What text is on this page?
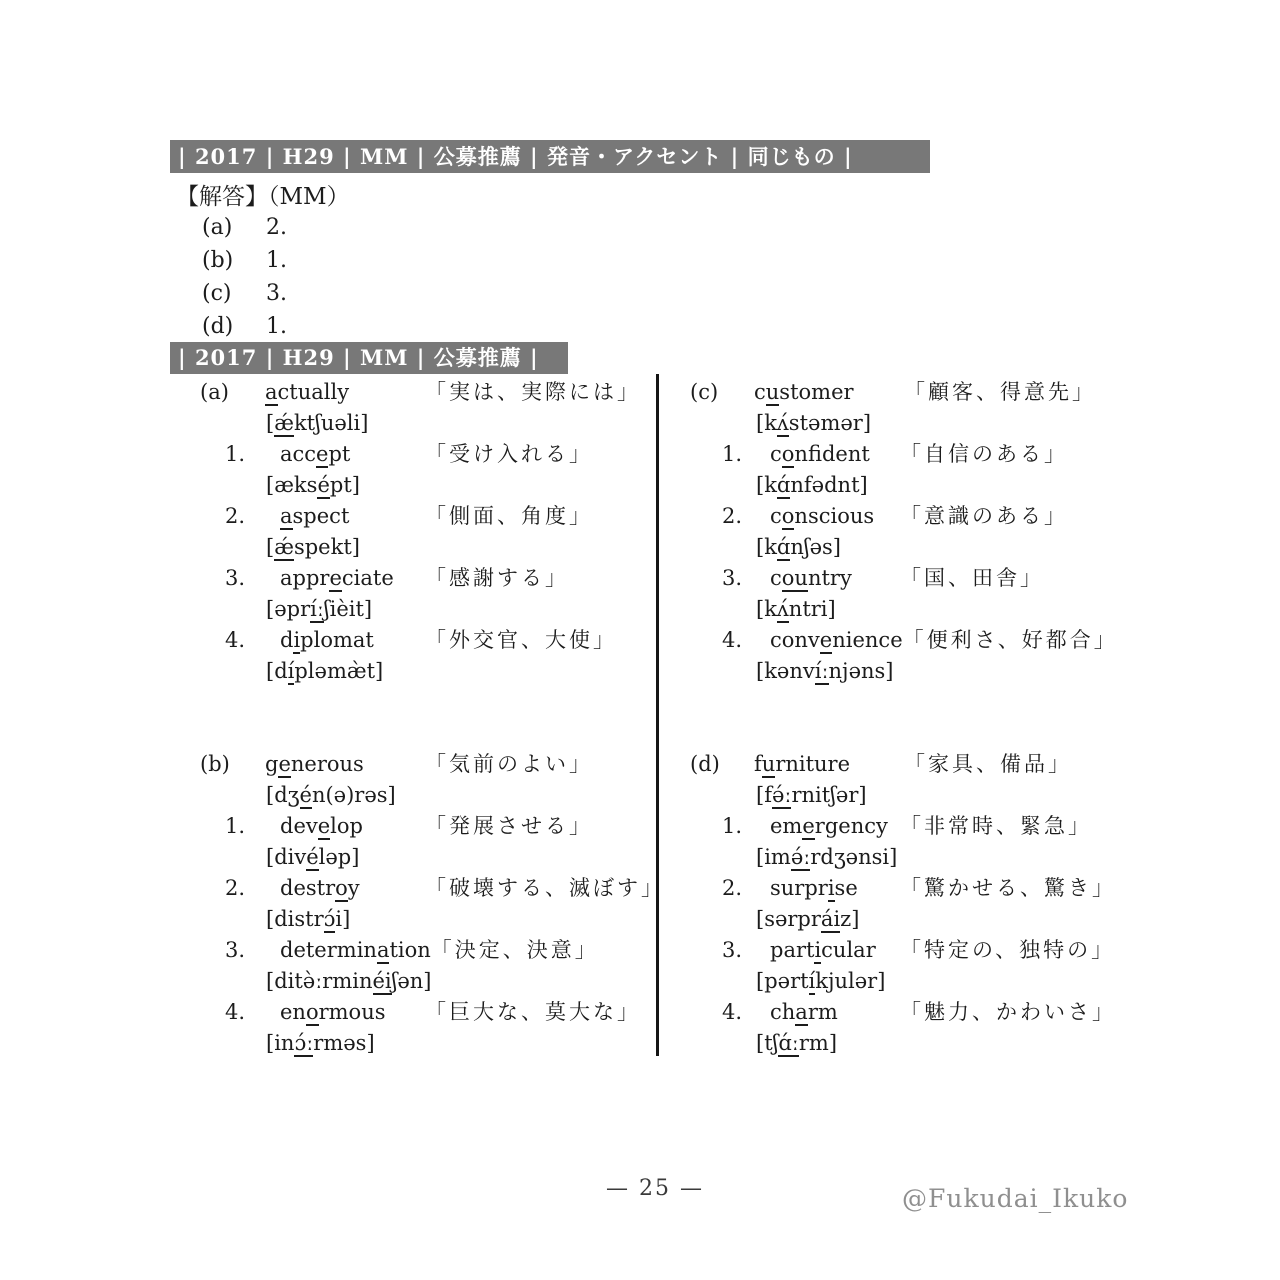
| 2017 | H29 | MM | 公募推薦 | 発音・アクセント | 同じもの |
【解答】（MM）
(a)	2.
(b)	1.
(c)	3.
(d)	1.
| 2017 | H29 | MM | 公募推薦 |
(a)	actually	「実は、実際には」
[ǽktʃuəli]
1.	accept	「受け入れる」
[æksépt]
2.	aspect	「側面、角度」
[ǽspekt]
3.	appreciate	「感謝する」
[əpríːʃièit]
4.	diplomat	「外交官、大使」
[dípləmæ̀t]
(b)	generous	「気前のよい」
[dʒén(ə)rəs]
1.	develop	「発展させる」
[divéləp]
2.	destroy	「破壊する、滅ぼす」
[distrɔ́i]
3.	determination 「決定、決意」
[ditə̀ːrminéiʃən]
4.	enormous	「巨大な、莫大な」
[inɔ́ːrməs]
(c)	customer	「顧客、得意先」
[kʌ́stəmər]
1.	confident	「自信のある」
[kɑ́nfədnt]
2.	conscious	「意識のある」
[kɑ́nʃəs]
3.	country	「国、田舎」
[kʌ́ntri]
4.	convenience 「便利さ、好都合」
[kənvíːnjəns]
(d)	furniture	「家具、備品」
[fə́ːrnitʃər]
1.	emergency 「非常時、緊急」
[imə́ːrdʒənsi]
2.	surprise	「驚かせる、驚き」
[sərpráiz]
3.	particular	「特定の、独特の」
[pərtíkjulər]
4.	charm	「魅力、かわいさ」
[tʃɑ́ːrm]
— 25 —	@Fukudai_Ikuko
